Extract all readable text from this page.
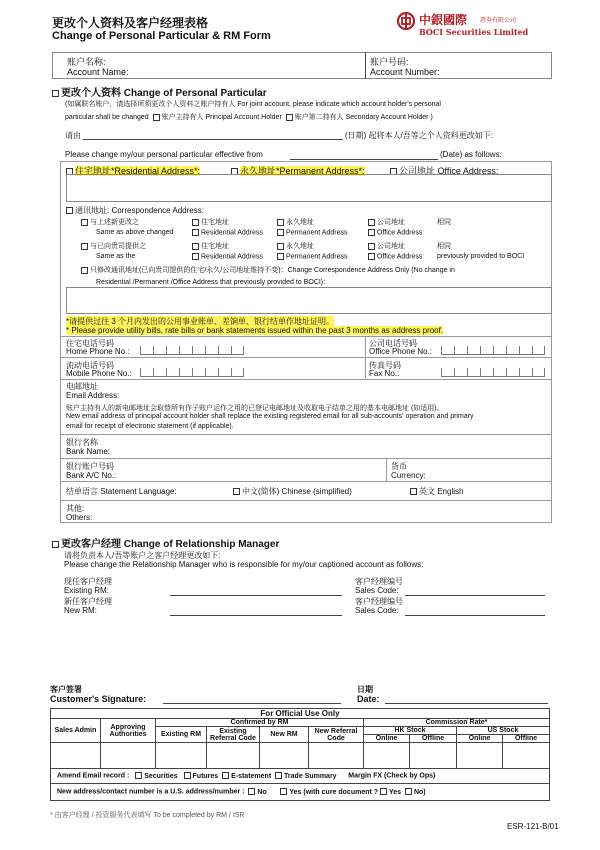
更改个人资料及客户经理表格
Change of Personal Particular & RM Form
中銀國際 證券有限公司
BOCI Securities Limited
账户名称:
Account Name:
账户号码:
Account Number:
更改个人资料 Change of Personal Particular
(如属联名账户，请选择所须更改个人资料之账户持有人 For joint account, please indicate which account holder's personal
particular shall be changed 账户主持有人 Principal Account Holder 账户第二持有人 Secondary Account Holder )
请由	(日期) 起将本人/吾等之个人资料更改如下:
Please change my/our personal particular effective from	(Date) as follows:
住宅地址*Residential Address*:	永久地址*Permanent Address*:	公司地址 Office Address:
通讯地址: Correspondence Address:
与上述新更改之
Same as above changed
住宅地址
Residential Address
永久地址
Permanent Address
公司地址
Office Address
相同
与已向贵司提供之
Same as the
住宅地址
Residential Address
永久地址
Permanent Address
公司地址
Office Address
相同
previously provided to BOCI
只修改通讯地址(已向贵司提供的住宅/永久/公司地址维持不变)：Change Correspondence Address Only (No change in
Residential /Permanent /Office Address that previously provided to BOCI)：
*请提供过往 3 个月内发出的公用事业账单、差饷单、银行结单作地址证明。
* Please provide utility bills, rate bills or bank statements issued within the past 3 months as address proof.
住宅电话号码
Home Phone No.:
公司电话号码
Office Phone No.:
流动电话号码
Mobile Phone No.:
传真号码
Fax No.:
电邮地址
Email Address:
账户主持有人的新电邮地址会取替所有作子账户运作之用的已登记电邮地址及收取电子结单之用的基本电邮地址 (如适用)。
New email address of principal account holder shall replace the existing registered email for all sub-accounts' operation and primary
email for receipt of electronic statement (if applicable).
银行名称
Bank Name:
银行账户号码
Bank A/C No.:
货币
Currency:
结单语言 Statement Language:	中文(简体) Chinese (simplified)	英文 English
其他:
Others:
更改客户经理 Change of Relationship Manager
请将负责本人/吾等账户之客户经理更改如下:
Please change the Relationship Manager who is responsible for my/our captioned account as follows:
现任客户经理
Existing RM:
客户经理编号
Sales Code:
新任客户经理
New RM:
客户经理编号
Sales Code:
客户签署
Customer's Signature:
日期
Date:
For Official Use Only									
Sales Admin	Approving Authorities	Confirmed by RM				Commission Rate*			
		Existing RM	Existing Referral Code	New RM	New Referral Code	HK Stock		US Stock	
						Online	Offline	Online	Offline

Amend Email record : Securities Futures E-statement Trade Summary Margin FX (Check by Ops)									
New address/contact number is a U.S. address/number : No Yes (with cure document ? Yes No)									
* 由客户经理 / 投资服务代表填写 To be completed by RM / ISR
ESR-121-B/01
